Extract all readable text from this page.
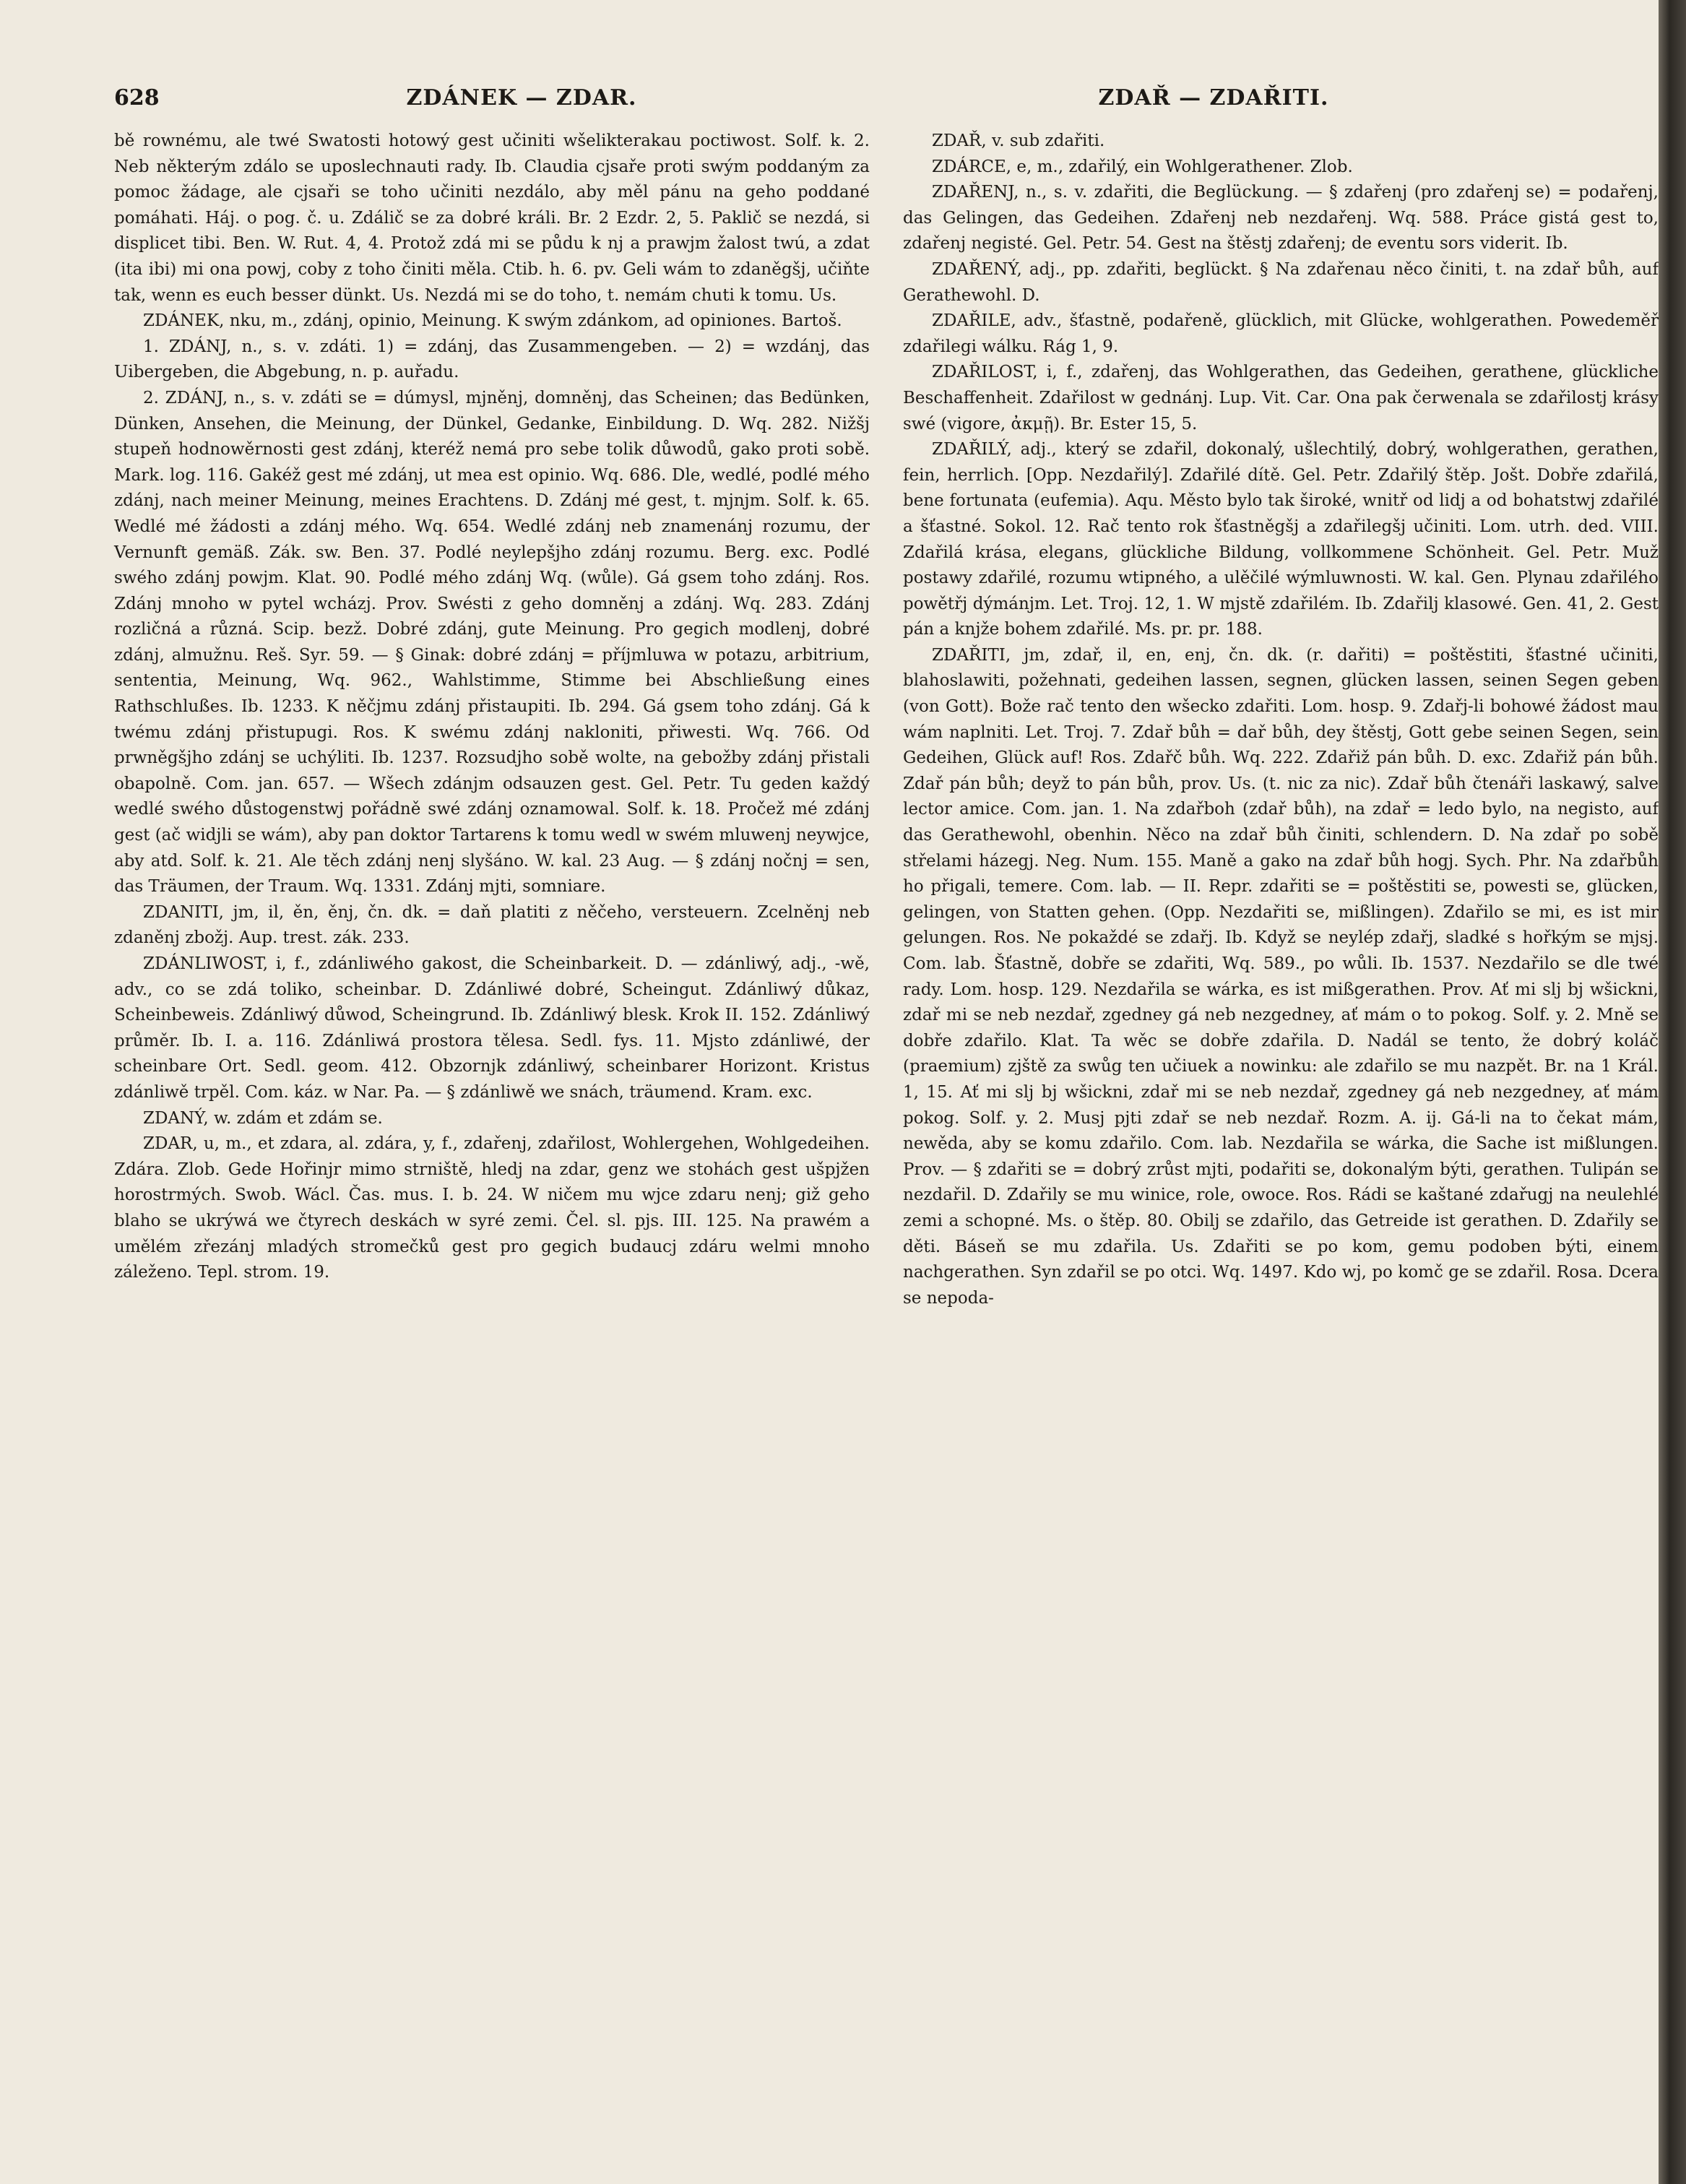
628	ZDÁNEK — ZDAR.	ZDAŘ — ZDAŘITI.

bě rownému, ale twé Swatosti hotowý gest učiniti wšelikterakau poctiwost. Solf. k. 2. Neb některým zdálo se uposlechnauti rady. Ib. Claudia cjsaře proti swým poddaným za pomoc žádage, ale cjsaři se toho učiniti nezdálo, aby měl pánu na geho poddané pomáhati. Háj. o pog. č. u. Zdálič se za dobré králi. Br. 2 Ezdr. 2, 5. Paklič se nezdá, si displicet tibi. Ben. W. Rut. 4, 4. Protož zdá mi se půdu k nj a prawjm žalost twú, a zdat (ita ibi) mi ona powj, coby z toho činiti měla. Ctib. h. 6. pv. Geli wám to zdaněgšj, učiňte tak, wenn es euch besser dünkt. Us. Nezdá mi se do toho, t. nemám chuti k tomu. Us.

ZDÁNEK, nku, m., zdánj, opinio, Meinung. K swým zdánkom, ad opiniones. Bartoš.

1. ZDÁNJ, n., s. v. zdáti. 1) = zdánj, das Zusammengeben. — 2) = wzdánj, das Uibergeben, die Abgebung, n. p. auřadu.

2. ZDÁNJ, n., s. v. zdáti se = dúmysl, mjněnj, domněnj, das Scheinen; das Bedünken, Dünken, Ansehen, die Meinung, der Dünkel, Gedanke, Einbildung. D. Wq. 282. Nižšj stupeň hodnowěrnosti gest zdánj, kteréž nemá pro sebe tolik důwodů, gako proti sobě. Mark. log. 116. Gakéž gest mé zdánj, ut mea est opinio. Wq. 686. Dle, wedlé, podlé mého zdánj, nach meiner Meinung, meines Erachtens. D. Zdánj mé gest, t. mjnjm. Solf. k. 65. Wedlé mé žádosti a zdánj mého. Wq. 654. Wedlé zdánj neb znamenánj rozumu, der Vernunft gemäß. Zák. sw. Ben. 37. Podlé neylepšjho zdánj rozumu. Berg. exc. Podlé swého zdánj powjm. Klat. 90. Podlé mého zdánj Wq. (wůle). Gá gsem toho zdánj. Ros. Zdánj mnoho w pytel wcházj. Prov. Swésti z geho domněnj a zdánj. Wq. 283. Zdánj rozličná a různá. Scip. bezž. Dobré zdánj, gute Meinung. Pro gegich modlenj, dobré zdánj, almužnu. Reš. Syr. 59. — § Ginak: dobré zdánj = příjmluwa w potazu, arbitrium, sententia, Meinung, Wq. 962., Wahlstimme, Stimme bei Abschließung eines Rathschlußes. Ib. 1233. K něčjmu zdánj přistaupiti. Ib. 294. Gá gsem toho zdánj. Gá k twému zdánj přistupugi. Ros. K swému zdánj nakloniti, přiwesti. Wq. 766. Od prwněgšjho zdánj se uchýliti. Ib. 1237. Rozsudjho sobě wolte, na gebožby zdánj přistali obapolně. Com. jan. 657. — Wšech zdánjm odsauzen gest. Gel. Petr. Tu geden každý wedlé swého důstogenstwj pořádně swé zdánj oznamowal. Solf. k. 18. Pročež mé zdánj gest (ač widjli se wám), aby pan doktor Tartarens k tomu wedl w swém mluwenj neywjce, aby atd. Solf. k. 21. Ale těch zdánj nenj slyšáno. W. kal. 23 Aug. — § zdánj nočnj = sen, das Träumen, der Traum. Wq. 1331. Zdánj mjti, somniare.

ZDANITI, jm, il, ěn, ěnj, čn. dk. = daň platiti z něčeho, versteuern. Zcelněnj neb zdaněnj zbožj. Aup. trest. zák. 233.

ZDÁNLIWOST, i, f., zdánliwého gakost, die Scheinbarkeit. D. — zdánliwý, adj., -wě, adv., co se zdá toliko, scheinbar. D. Zdánliwé dobré, Scheingut. Zdánliwý důkaz, Scheinbeweis. Zdánliwý důwod, Scheingrund. Ib. Zdánliwý blesk. Krok II. 152. Zdánliwý průměr. Ib. I. a. 116. Zdánliwá prostora tělesa. Sedl. fys. 11. Mjsto zdánliwé, der scheinbare Ort. Sedl. geom. 412. Obzornjk zdánliwý, scheinbarer Horizont. Kristus zdánliwě trpěl. Com. káz. w Nar. Pa. — § zdánliwě we snách, träumend. Kram. exc.

ZDANÝ, w. zdám et zdám se.

ZDAR, u, m., et zdara, al. zdára, y, f., zdařenj, zdařilost, Wohlergehen, Wohlgedeihen. Zdára. Zlob. Gede Hořinjr mimo strniště, hledj na zdar, genz we stohách gest ušpjžen horostrmých. Swob. Wácl. Čas. mus. I. b. 24. W ničem mu wjce zdaru nenj; giž geho blaho se ukrýwá we čtyrech deskách w syré zemi. Čel. sl. pjs. III. 125. Na prawém a umělém zřezánj mladých stromečků gest pro gegich budaucj zdáru welmi mnoho záleženo. Tepl. strom. 19.

ZDAŘ, v. sub zdařiti.

ZDÁRCE, e, m., zdařilý, ein Wohlgerathener. Zlob.

ZDAŘENJ, n., s. v. zdařiti, die Beglückung. — § zdařenj (pro zdařenj se) = podařenj, das Gelingen, das Gedeihen. Zdařenj neb nezdařenj. Wq. 588. Práce gistá gest to, zdařenj negisté. Gel. Petr. 54. Gest na štěstj zdařenj; de eventu sors viderit. Ib.

ZDAŘENÝ, adj., pp. zdařiti, beglückt. § Na zdařenau něco činiti, t. na zdař bůh, auf Gerathewohl. D.

ZDAŘILE, adv., šťastně, podařeně, glücklich, mit Glücke, wohlgerathen. Powedeměř zdařilegi wálku. Rág 1, 9.

ZDAŘILOST, i, f., zdařenj, das Wohlgerathen, das Gedeihen, gerathene, glückliche Beschaffenheit. Zdařilost w gednánj. Lup. Vit. Car. Ona pak čerwenala se zdařilostj krásy swé (vigore, ἀκμῇ). Br. Ester 15, 5.

ZDAŘILÝ, adj., který se zdařil, dokonalý, ušlechtilý, dobrý, wohlgerathen, gerathen, fein, herrlich. [Opp. Nezdařilý]. Zdařilé dítě. Gel. Petr. Zdařilý štěp. Jošt. Dobře zdařilá, bene fortunata (eufemia). Aqu. Město bylo tak široké, wnitř od lidj a od bohatstwj zdařilé a šťastné. Sokol. 12. Rač tento rok šťastněgšj a zdařilegšj učiniti. Lom. utrh. ded. VIII. Zdařilá krása, elegans, glückliche Bildung, vollkommene Schönheit. Gel. Petr. Muž postawy zdařilé, rozumu wtipného, a ulěčilé wýmluwnosti. W. kal. Gen. Plynau zdařilého powětřj dýmánjm. Let. Troj. 12, 1. W mjstě zdařilém. Ib. Zdařilj klasowé. Gen. 41, 2. Gest pán a knjže bohem zdařilé. Ms. pr. pr. 188.

ZDAŘITI, jm, zdař, il, en, enj, čn. dk. (r. dařiti) = poštěstiti, šťastné učiniti, blahoslawiti, požehnati, gedeihen lassen, segnen, glücken lassen, seinen Segen geben (von Gott). Bože rač tento den wšecko zdařiti. Lom. hosp. 9. Zdařj-li bohowé žádost mau wám naplniti. Let. Troj. 7. Zdař bůh = dař bůh, dey štěstj, Gott gebe seinen Segen, sein Gedeihen, Glück auf! Ros. Zdařč bůh. Wq. 222. Zdařiž pán bůh. D. exc. Zdařiž pán bůh. Zdař pán bůh; deyž to pán bůh, prov. Us. (t. nic za nic). Zdař bůh čtenáři laskawý, salve lector amice. Com. jan. 1. Na zdařboh (zdař bůh), na zdař = ledo bylo, na negisto, auf das Gerathewohl, obenhin. Něco na zdař bůh činiti, schlendern. D. Na zdař po sobě střelami házegj. Neg. Num. 155. Maně a gako na zdař bůh hogj. Sych. Phr. Na zdařbůh ho přigali, temere. Com. lab. — II. Repr. zdařiti se = poštěstiti se, powesti se, glücken, gelingen, von Statten gehen. (Opp. Nezdařiti se, mißlingen). Zdařilo se mi, es ist mir gelungen. Ros. Ne pokaždé se zdařj. Ib. Když se neylép zdařj, sladké s hořkým se mjsj. Com. lab. Šťastně, dobře se zdařiti, Wq. 589., po wůli. Ib. 1537. Nezdařilo se dle twé rady. Lom. hosp. 129. Nezdařila se wárka, es ist mißgerathen. Prov. Ať mi slj bj wšickni, zdař mi se neb nezdař, zgedney gá neb nezgedney, ať mám o to pokog. Solf. y. 2. Mně se dobře zdařilo. Klat. Ta wěc se dobře zdařila. D. Nadál se tento, že dobrý koláč (praemium) zjště za swůg ten učiuek a nowinku: ale zdařilo se mu nazpět. Br. na 1 Král. 1, 15. Ať mi slj bj wšickni, zdař mi se neb nezdař, zgedney gá neb nezgedney, ať mám pokog. Solf. y. 2. Musj pjti zdař se neb nezdař. Rozm. A. ij. Gá-li na to čekat mám, newěda, aby se komu zdařilo. Com. lab. Nezdařila se wárka, die Sache ist mißlungen. Prov. — § zdařiti se = dobrý zrůst mjti, podařiti se, dokonalým býti, gerathen. Tulipán se nezdařil. D. Zdařily se mu winice, role, owoce. Ros. Rádi se kaštané zdařugj na neulehlé zemi a schopné. Ms. o štěp. 80. Obilj se zdařilo, das Getreide ist gerathen. D. Zdařily se děti. Báseň se mu zdařila. Us. Zdařiti se po kom, gemu podoben býti, einem nachgerathen. Syn zdařil se po otci. Wq. 1497. Kdo wj, po komč ge se zdařil. Rosa. Dcera se nepoda-
